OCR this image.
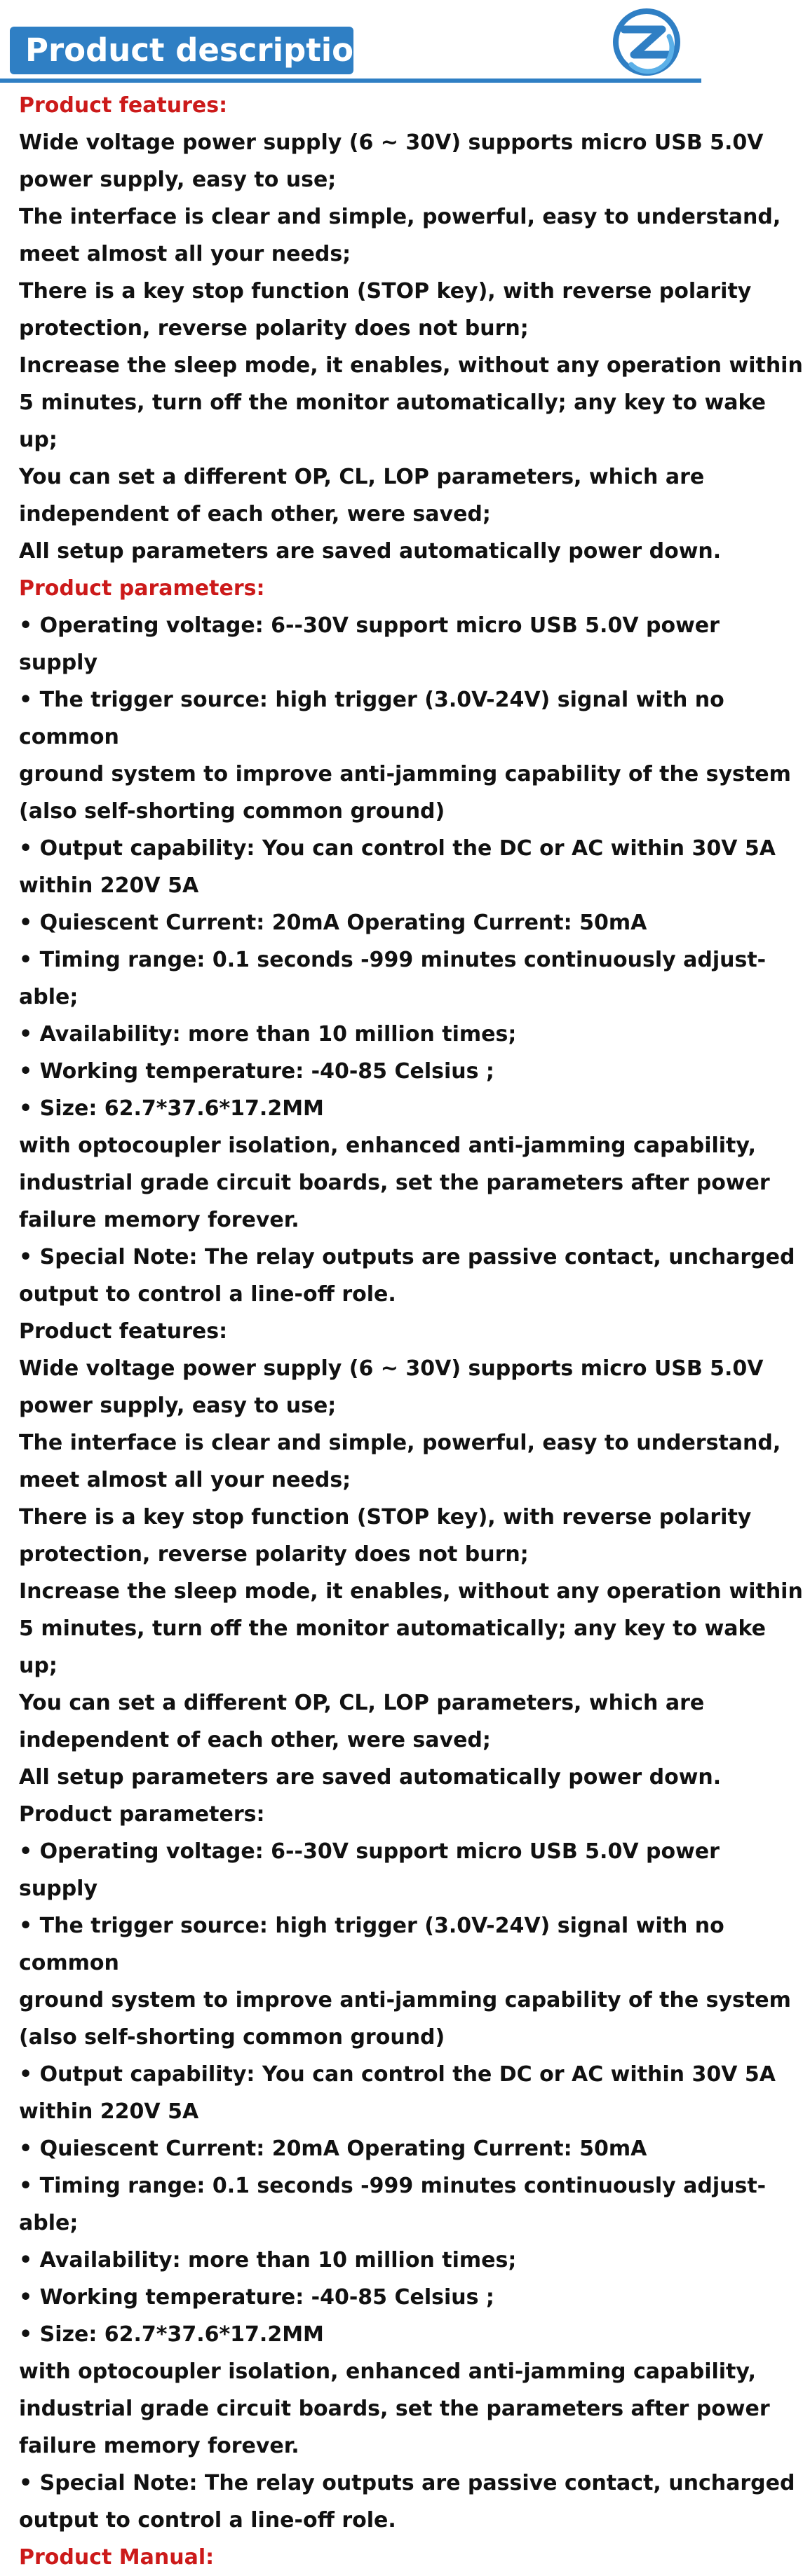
Product description
Product features:
Wide voltage power supply (6 ~ 30V) supports micro USB 5.0V
power supply, easy to use;
The interface is clear and simple, powerful, easy to understand,
meet almost all your needs;
There is a key stop function (STOP key), with reverse polarity
protection, reverse polarity does not burn;
Increase the sleep mode, it enables, without any operation within
5 minutes, turn off the monitor automatically; any key to wake
up;
You can set a different OP, CL, LOP parameters, which are
independent of each other, were saved;
All setup parameters are saved automatically power down.
Product parameters:
• Operating voltage: 6--30V support micro USB 5.0V power
supply
• The trigger source: high trigger (3.0V-24V) signal with no
common
ground system to improve anti-jamming capability of the system
(also self-shorting common ground)
• Output capability: You can control the DC or AC within 30V 5A
within 220V 5A
• Quiescent Current: 20mA Operating Current: 50mA
• Timing range: 0.1 seconds -999 minutes continuously adjust-
able;
• Availability: more than 10 million times;
• Working temperature: -40-85 Celsius ;
• Size: 62.7*37.6*17.2MM
with optocoupler isolation, enhanced anti-jamming capability,
industrial grade circuit boards, set the parameters after power
failure memory forever.
• Special Note: The relay outputs are passive contact, uncharged
output to control a line-off role.
Product features:
Wide voltage power supply (6 ~ 30V) supports micro USB 5.0V
power supply, easy to use;
The interface is clear and simple, powerful, easy to understand,
meet almost all your needs;
There is a key stop function (STOP key), with reverse polarity
protection, reverse polarity does not burn;
Increase the sleep mode, it enables, without any operation within
5 minutes, turn off the monitor automatically; any key to wake
up;
You can set a different OP, CL, LOP parameters, which are
independent of each other, were saved;
All setup parameters are saved automatically power down.
Product parameters:
• Operating voltage: 6--30V support micro USB 5.0V power
supply
• The trigger source: high trigger (3.0V-24V) signal with no
common
ground system to improve anti-jamming capability of the system
(also self-shorting common ground)
• Output capability: You can control the DC or AC within 30V 5A
within 220V 5A
• Quiescent Current: 20mA Operating Current: 50mA
• Timing range: 0.1 seconds -999 minutes continuously adjust-
able;
• Availability: more than 10 million times;
• Working temperature: -40-85 Celsius ;
• Size: 62.7*37.6*17.2MM
with optocoupler isolation, enhanced anti-jamming capability,
industrial grade circuit boards, set the parameters after power
failure memory forever.
• Special Note: The relay outputs are passive contact, uncharged
output to control a line-off role.
Product Manual:
